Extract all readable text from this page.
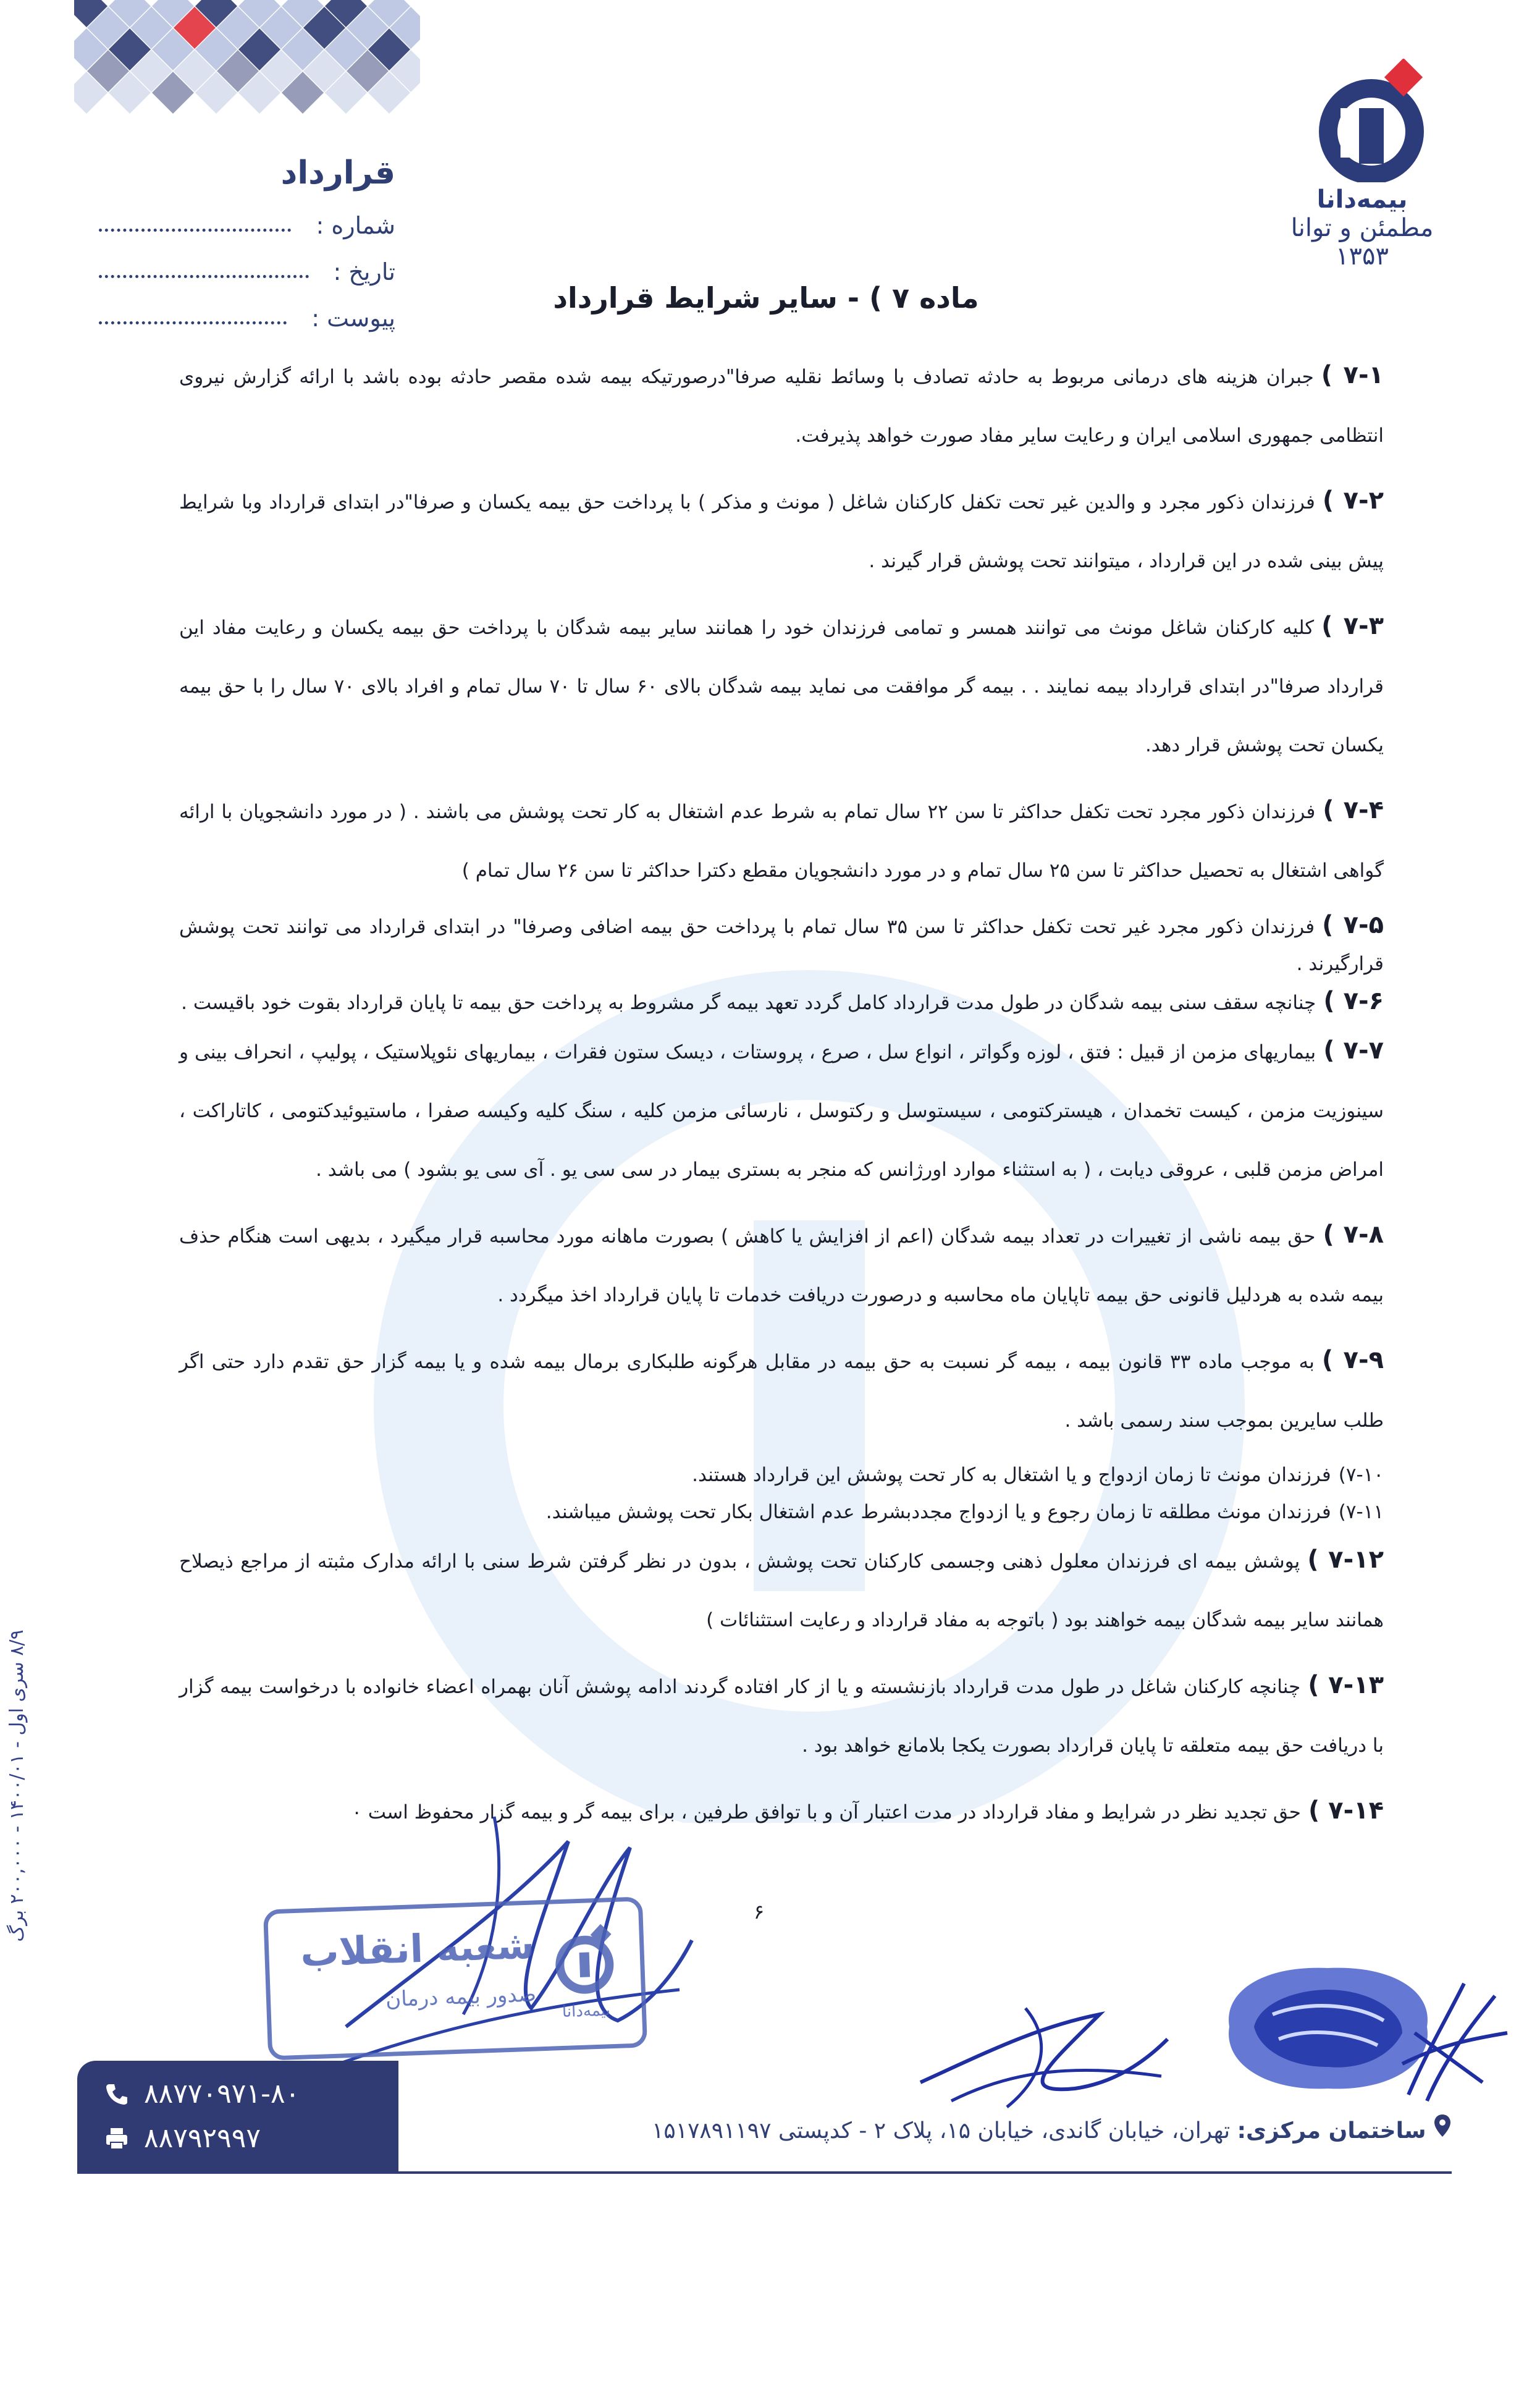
قرارداد
شماره :
تاریخ :
پیوست :
بیمه‌دانا
مطمئن و توانا
۱۳۵۳
ماده ۷ ) - سایر شرایط قرارداد

۷-۱ )جبران هزینه های درمانی مربوط به حادثه تصادف با وسائط نقلیه صرفا"درصورتیکه بیمه شده مقصر حادثه بوده باشد با ارائه گزارش نیروی انتظامی جمهوری اسلامی ایران و رعایت سایر مفاد صورت خواهد پذیرفت.

۷-۲ )فرزندان ذکور مجرد و والدین غیر تحت تکفل کارکنان شاغل ( مونث و مذکر ) با پرداخت حق بیمه یکسان و صرفا"در ابتدای قرارداد وبا شرایط پیش بینی شده در این قرارداد ، میتوانند تحت پوشش قرار گیرند .

۷-۳ )کلیه کارکنان شاغل مونث می توانند همسر و تمامی فرزندان خود را همانند سایر بیمه شدگان با پرداخت حق بیمه یکسان و رعایت مفاد این قرارداد صرفا"در ابتدای قرارداد بیمه نمایند . . بیمه گر موافقت می نماید بیمه شدگان بالای ۶۰ سال تا ۷۰ سال تمام و افراد بالای ۷۰ سال را با حق بیمه یکسان تحت پوشش قرار دهد.

۷-۴ )فرزندان ذکور مجرد تحت تکفل حداکثر تا سن ۲۲ سال تمام به شرط عدم اشتغال به کار تحت پوشش می باشند . ( در مورد دانشجویان با ارائه گواهی اشتغال به تحصیل حداکثر تا سن ۲۵ سال تمام و در مورد دانشجویان مقطع دکترا حداکثر تا سن ۲۶ سال تمام )

۷-۵ )فرزندان ذکور مجرد غیر تحت تکفل حداکثر تا سن ۳۵ سال تمام با پرداخت حق بیمه اضافی وصرفا" در ابتدای قرارداد می توانند تحت پوشش قرارگیرند .

۷-۶ )چنانچه سقف سنی بیمه شدگان در طول مدت قرارداد کامل گردد تعهد بیمه گر مشروط به پرداخت حق بیمه تا پایان قرارداد بقوت خود باقیست .

۷-۷ )بیماریهای مزمن از قبیل : فتق ، لوزه وگواتر ، انواع سل ، صرع ، پروستات ، دیسک ستون فقرات ، بیماریهای نئوپلاستیک ، پولیپ ، انحراف بینی و سینوزیت مزمن ، کیست تخمدان ، هیسترکتومی ، سیستوسل و رکتوسل ، نارسائی مزمن کلیه ، سنگ کلیه وکیسه صفرا ، ماستیوئیدکتومی ، کاتاراکت ، امراض مزمن قلبی ، عروقی دیابت ، ( به استثناء موارد اورژانس که منجر به بستری بیمار در سی سی یو . آی سی یو بشود ) می باشد .

۷-۸ )حق بیمه ناشی از تغییرات در تعداد بیمه شدگان (اعم از افزایش یا کاهش ) بصورت ماهانه مورد محاسبه قرار میگیرد ، بدیهی است هنگام حذف بیمه شده به هردلیل قانونی حق بیمه تاپایان ماه محاسبه و درصورت دریافت خدمات تا پایان قرارداد اخذ میگردد .

۷-۹ )به موجب ماده ۳۳ قانون بیمه ، بیمه گر نسبت به حق بیمه در مقابل هرگونه طلبکاری برمال بیمه شده و یا بیمه گزار حق تقدم دارد حتی اگر طلب سایرین بموجب سند رسمی باشد .

۷-۱۰)فرزندان مونث تا زمان ازدواج و یا اشتغال به کار تحت پوشش این قرارداد هستند.

۷-۱۱)فرزندان مونث مطلقه تا زمان رجوع و یا ازدواج مجددبشرط عدم اشتغال بکار تحت پوشش میباشند.

۷-۱۲ )پوشش بیمه ای فرزندان معلول ذهنی وجسمی کارکنان تحت پوشش ، بدون در نظر گرفتن شرط سنی با ارائه مدارک مثبته از مراجع ذیصلاح همانند سایر بیمه شدگان بیمه خواهند بود ( باتوجه به مفاد قرارداد و رعایت استثنائات )

۷-۱۳ )چنانچه کارکنان شاغل در طول مدت قرارداد بازنشسته و یا از کار افتاده گردند ادامه پوشش آنان بهمراه اعضاء خانواده با درخواست بیمه گزار با دریافت حق بیمه متعلقه تا پایان قرارداد بصورت یکجا بلامانع خواهد بود .

۷-۱۴ )حق تجدید نظر در شرایط و مفاد قرارداد در مدت اعتبار آن و با توافق طرفین ، برای بیمه گر و بیمه گزار محفوظ است ٠

۶
۸/۹ سری اول - ۱۴۰۰/۰۱ - ۲۰۰,۰۰۰ برگ
بیمه‌دانا
شعبه انقلاب
صدور بیمه درمان
۸۸۷۷۰۹۷۱-۸۰
۸۸۷۹۲۹۹۷	ساختمان مرکزی: تهران، خیابان گاندی، خیابان ۱۵، پلاک ۲ - کدپستی ۱۵۱۷۸۹۱۱۹۷
